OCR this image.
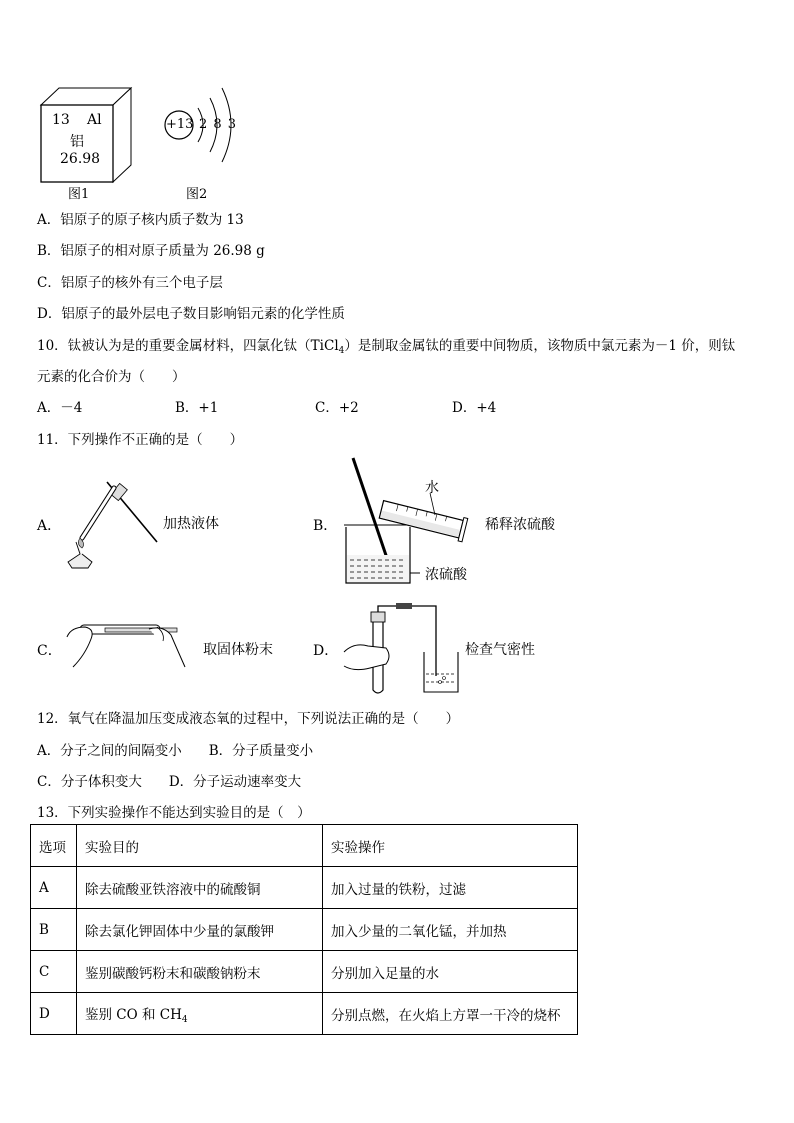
13 Al
铝
26.98
图1
+13 2 8 3
图2
A．铝原子的原子核内质子数为 13
B．铝原子的相对原子质量为 26.98 g
C．铝原子的核外有三个电子层
D．铝原子的最外层电子数目影响铝元素的化学性质
10．钛被认为是的重要金属材料，四氯化钛（TiCl$_4$）是制取金属钛的重要中间物质，该物质中氯元素为－1 价，则钛
元素的化合价为（　　）
A．－4	B．+1	C．+2	D．+4
11．下列操作不正确的是（　　）
A．	加热液体	B．
水
稀释浓硫酸
浓硫酸
C．	取固体粉末	D．	检查气密性
12．氧气在降温加压变成液态氧的过程中，下列说法正确的是（　　）
A．分子之间的间隔变小　　B．分子质量变小
C．分子体积变大　　D．分子运动速率变大
13．下列实验操作不能达到实验目的是（　）
选项	实验目的	实验操作
A	除去硫酸亚铁溶液中的硫酸铜	加入过量的铁粉，过滤
B	除去氯化钾固体中少量的氯酸钾	加入少量的二氧化锰，并加热
C	鉴别碳酸钙粉末和碳酸钠粉末	分别加入足量的水
D	鉴别 CO 和 $CH_4$	分别点燃，在火焰上方罩一干冷的烧杯
